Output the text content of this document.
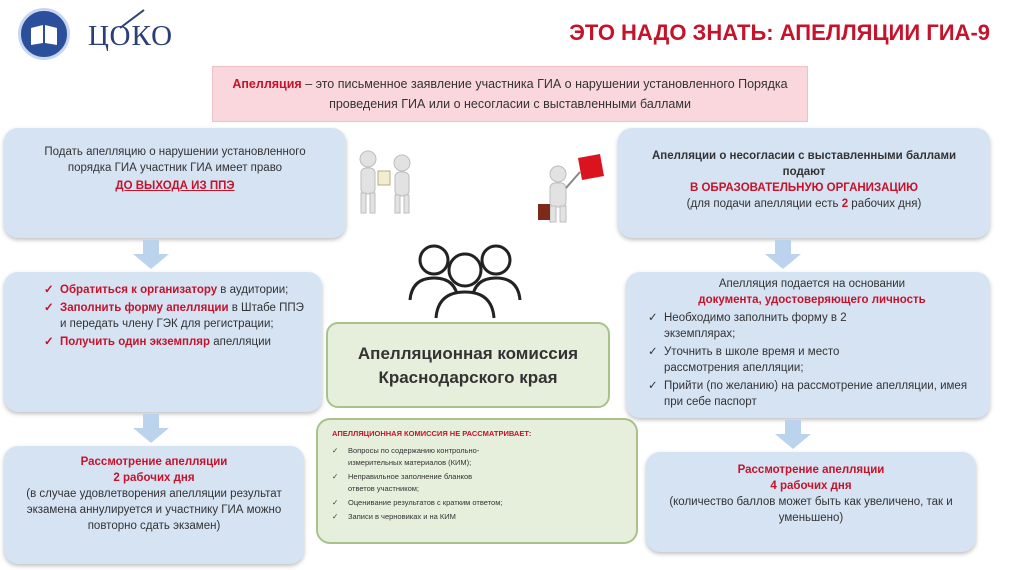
ЦОКО	ЭТО НАДО ЗНАТЬ: АПЕЛЛЯЦИИ ГИА-9
Апелляция – это письменное заявление участника ГИА о нарушении установленного Порядка проведения ГИА или о несогласии с выставленными баллами
Подать апелляцию о нарушении установленного порядка ГИА участник ГИА имеет право
ДО ВЫХОДА ИЗ ППЭ
✓ Обратиться к организатору в аудитории;
✓ Заполнить форму апелляции в Штабе ППЭ и передать члену ГЭК для регистрации;
✓ Получить один экземпляр апелляции
Рассмотрение апелляции
2 рабочих дня
(в случае удовлетворения апелляции результат экзамена аннулируется и участнику ГИА можно повторно сдать экзамен)
Апелляционная комиссия Краснодарского края
АПЕЛЛЯЦИОННАЯ КОМИССИЯ НЕ РАССМАТРИВАЕТ:
✓ Вопросы по содержанию контрольно-измерительных материалов (КИМ);
✓ Неправильное заполнение бланков ответов участником;
✓ Оценивание результатов с кратким ответом;
✓ Записи в черновиках и на КИМ
Апелляции о несогласии с выставленными баллами подают
В ОБРАЗОВАТЕЛЬНУЮ ОРГАНИЗАЦИЮ
(для подачи апелляции есть 2 рабочих дня)
Апелляция подается на основании
документа, удостоверяющего личность
✓ Необходимо заполнить форму в 2 экземплярах;
✓ Уточнить в школе время и место рассмотрения апелляции;
✓ Прийти (по желанию) на рассмотрение апелляции, имея при себе паспорт
Рассмотрение апелляции
4 рабочих дня
(количество баллов может быть как увеличено, так и уменьшено)
